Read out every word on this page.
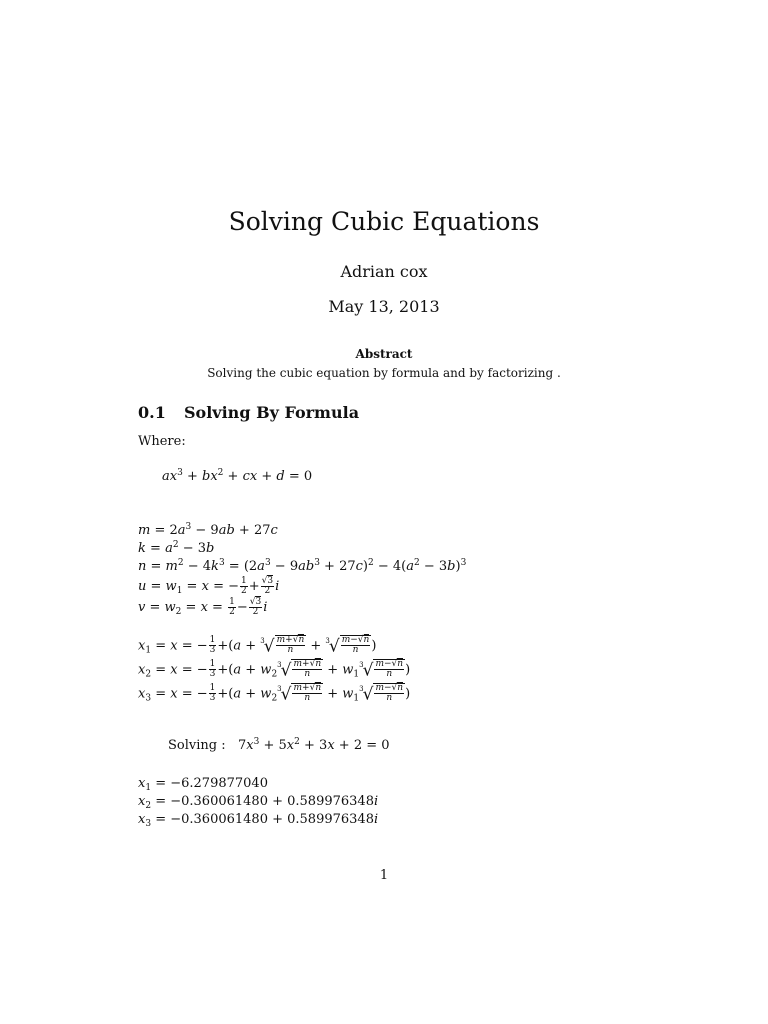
Solving Cubic Equations
Adrian cox
May 13, 2013
Abstract
Solving the cubic equation by formula and by factorizing .
0.1 Solving By Formula
Where:
$ax^3 + bx^2$ + cx + d = 0
$m = 2a^3 - 9ab + 27c$
$k = a^2 - 3b$
$n = m^2 - 4k^3 = (2a^3 - 9ab^3 + 27c)^2 - 4(a^2 - 3b)^3$
$u = w_1 = x$ = − $\frac{1}{2} + \frac{√3}{2}$ i
$v = w_2 = x = \frac{1}{2} - \frac{√3}{2}$ i
$x_1 = x$ = − $\frac{1}{3} +(a + ^3√ \frac{m+√n}{n} + ^3√ \frac{m-√n}{n}$ )
$x_2 = x$ = − $\frac{1}{3} +(a + w_2^3√ \frac{m+√n}{n} + w_1^3√ \frac{m-√n}{n}$ )
$x_3 = x$ = − $\frac{1}{3} +(a + w_2^3√ \frac{m+√n}{n} + w_1^3√ \frac{m-√n}{n}$ )
Solving :   $7x^3 + 5x^2 + 3x + 2 = 0$
$x_1 = -6.279877040$
$x_2 = -0.360061480 + 0.589976348i$
$x_3 = -0.360061480 + 0.589976348i$
1
